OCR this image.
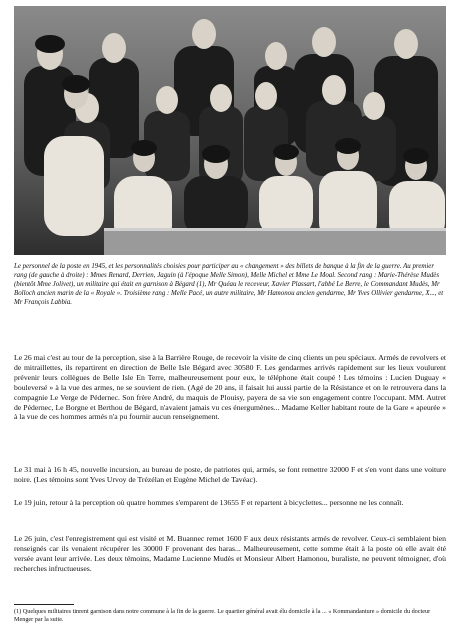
Le personnel de la poste en 1945, et les personnalités choisies pour participer au « changement » des billets de banque à la fin de la guerre. Au premier rang (de gauche à droite) : Mmes Renard, Derrien, Jaguin (à l'époque Melle Simon), Melle Michel et Mme Le Moal. Second rang : Marie-Thérèse Mudès (bientôt Mme Jolivet), un militaire qui était en garnison à Bégard (1), Mr Quéau le receveur, Xavier Plassart, l'abbé Le Berre, le Commandant Mudès, Mr Bolloch ancien marin de la « Royale ». Troisième rang : Melle Pacé, un autre militaire, Mr Hamonou ancien gendarme, Mr Yves Ollivier gendarme, X..., et Mr François Labbia.

Le 26 mai c'est au tour de la perception, sise à la Barrière Rouge, de recevoir la visite de cinq clients un peu spéciaux. Armés de revolvers et de mitraillettes, ils repartirent en direction de Belle Isle Bégard avec 30580 F. Les gendarmes arrivés rapidement sur les lieux voulurent prévenir leurs collègues de Belle Isle En Terre, malheureusement pour eux, le téléphone était coupé ! Les témoins : Lucien Duguay « bouleversé » à la vue des armes, ne se souvient de rien. (Agé de 20 ans, il faisait lui aussi partie de la Résistance et on le retrouvera dans la compagnie Le Verge de Pédernec. Son frère André, du maquis de Plouisy, payera de sa vie son engagement contre l'occupant. MM. Autret de Pédernec, Le Borgne et Berthou de Bégard, n'avaient jamais vu ces énergumènes... Madame Keller habitant route de la Gare « apeurée » à la vue de ces hommes armés n'a pu fournir aucun renseignement.

Le 31 mai à 16 h 45, nouvelle incursion, au bureau de poste, de patriotes qui, armés, se font remettre 32000 F et s'en vont dans une voiture noire. (Les témoins sont Yves Urvoy de Trézélan et Eugène Michel de Tavéac).

Le 19 juin, retour à la perception où quatre hommes s'emparent de 13655 F et repartent à bicyclettes... personne ne les connaît.

Le 26 juin, c'est l'enregistrement qui est visité et M. Buannec remet 1600 F aux deux résistants armés de revolver. Ceux-ci semblaient bien renseignés car ils venaient récupérer les 30000 F provenant des haras... Malheureusement, cette somme était à la poste où elle avait été versée avant leur arrivée. Les deux témoins, Madame Lucienne Mudès et Monsieur Albert Hamonou, buraliste, ne peuvent témoigner, d'où recherches infructueuses.

(1) Quelques militaires tinrent garnison dans notre commune à la fin de la guerre. Le quartier général avait élu domicile à la ... « Kommandanture » domicile du docteur Menger par la suite.
